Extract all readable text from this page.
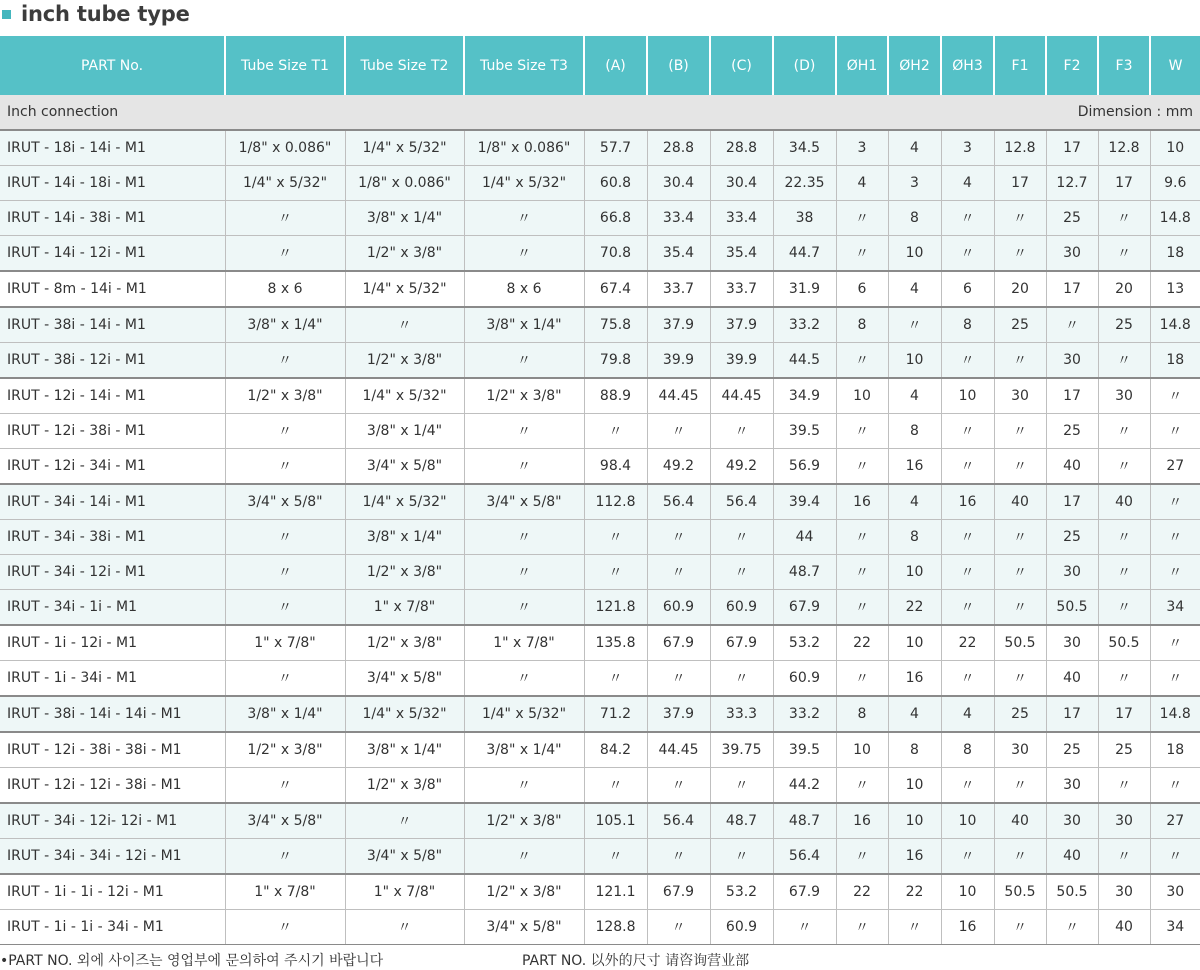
inch tube type
PART No.	Tube Size T1	Tube Size T2	Tube Size T3	(A)	(B)	(C)	(D)	ØH1	ØH2	ØH3	F1	F2	F3	W

Inch connection Dimension : mm														

IRUT - 18i - 14i - M1	1/8" x 0.086"	1/4" x 5/32"	1/8" x 0.086"	57.7	28.8	28.8	34.5	3	4	3	12.8	17	12.8	10
IRUT - 14i - 18i - M1	1/4" x 5/32"	1/8" x 0.086"	1/4" x 5/32"	60.8	30.4	30.4	22.35	4	3	4	17	12.7	17	9.6
IRUT - 14i - 38i - M1	〃	3/8" x 1/4"	〃	66.8	33.4	33.4	38	〃	8	〃	〃	25	〃	14.8
IRUT - 14i - 12i - M1	〃	1/2" x 3/8"	〃	70.8	35.4	35.4	44.7	〃	10	〃	〃	30	〃	18
IRUT - 8m - 14i - M1	8 x 6	1/4" x 5/32"	8 x 6	67.4	33.7	33.7	31.9	6	4	6	20	17	20	13
IRUT - 38i - 14i - M1	3/8" x 1/4"	〃	3/8" x 1/4"	75.8	37.9	37.9	33.2	8	〃	8	25	〃	25	14.8
IRUT - 38i - 12i - M1	〃	1/2" x 3/8"	〃	79.8	39.9	39.9	44.5	〃	10	〃	〃	30	〃	18
IRUT - 12i - 14i - M1	1/2" x 3/8"	1/4" x 5/32"	1/2" x 3/8"	88.9	44.45	44.45	34.9	10	4	10	30	17	30	〃
IRUT - 12i - 38i - M1	〃	3/8" x 1/4"	〃	〃	〃	〃	39.5	〃	8	〃	〃	25	〃	〃
IRUT - 12i - 34i - M1	〃	3/4" x 5/8"	〃	98.4	49.2	49.2	56.9	〃	16	〃	〃	40	〃	27
IRUT - 34i - 14i - M1	3/4" x 5/8"	1/4" x 5/32"	3/4" x 5/8"	112.8	56.4	56.4	39.4	16	4	16	40	17	40	〃
IRUT - 34i - 38i - M1	〃	3/8" x 1/4"	〃	〃	〃	〃	44	〃	8	〃	〃	25	〃	〃
IRUT - 34i - 12i - M1	〃	1/2" x 3/8"	〃	〃	〃	〃	48.7	〃	10	〃	〃	30	〃	〃
IRUT - 34i - 1i - M1	〃	1" x 7/8"	〃	121.8	60.9	60.9	67.9	〃	22	〃	〃	50.5	〃	34
IRUT - 1i - 12i - M1	1" x 7/8"	1/2" x 3/8"	1" x 7/8"	135.8	67.9	67.9	53.2	22	10	22	50.5	30	50.5	〃
IRUT - 1i - 34i - M1	〃	3/4" x 5/8"	〃	〃	〃	〃	60.9	〃	16	〃	〃	40	〃	〃
IRUT - 38i - 14i - 14i - M1	3/8" x 1/4"	1/4" x 5/32"	1/4" x 5/32"	71.2	37.9	33.3	33.2	8	4	4	25	17	17	14.8
IRUT - 12i - 38i - 38i - M1	1/2" x 3/8"	3/8" x 1/4"	3/8" x 1/4"	84.2	44.45	39.75	39.5	10	8	8	30	25	25	18
IRUT - 12i - 12i - 38i - M1	〃	1/2" x 3/8"	〃	〃	〃	〃	44.2	〃	10	〃	〃	30	〃	〃
IRUT - 34i - 12i- 12i - M1	3/4" x 5/8"	〃	1/2" x 3/8"	105.1	56.4	48.7	48.7	16	10	10	40	30	30	27
IRUT - 34i - 34i - 12i - M1	〃	3/4" x 5/8"	〃	〃	〃	〃	56.4	〃	16	〃	〃	40	〃	〃
IRUT - 1i - 1i - 12i - M1	1" x 7/8"	1" x 7/8"	1/2" x 3/8"	121.1	67.9	53.2	67.9	22	22	10	50.5	50.5	30	30
IRUT - 1i - 1i - 34i - M1	〃	〃	3/4" x 5/8"	128.8	〃	60.9	〃	〃	〃	16	〃	〃	40	34
•PART NO. 외에 사이즈는 영업부에 문의하여 주시기 바랍니다	PART NO. 以外的尺寸 请咨询营业部
